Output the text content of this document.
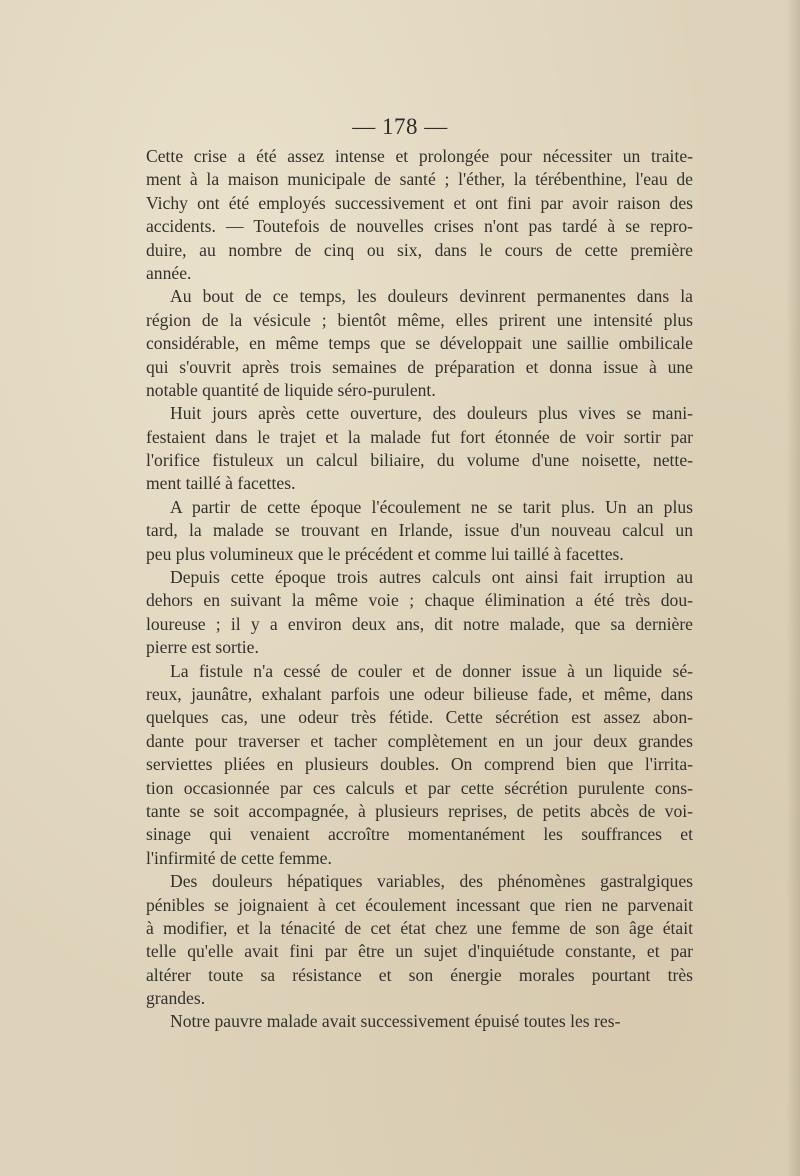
— 178 —
Cette crise a été assez intense et prolongée pour nécessiter un traite-
ment à la maison municipale de santé ; l'éther, la térébenthine, l'eau de
Vichy ont été employés successivement et ont fini par avoir raison des
accidents. — Toutefois de nouvelles crises n'ont pas tardé à se repro-
duire, au nombre de cinq ou six, dans le cours de cette première
année.
Au bout de ce temps, les douleurs devinrent permanentes dans la
région de la vésicule ; bientôt même, elles prirent une intensité plus
considérable, en même temps que se développait une saillie ombilicale
qui s'ouvrit après trois semaines de préparation et donna issue à une
notable quantité de liquide séro-purulent.
Huit jours après cette ouverture, des douleurs plus vives se mani-
festaient dans le trajet et la malade fut fort étonnée de voir sortir par
l'orifice fistuleux un calcul biliaire, du volume d'une noisette, nette-
ment taillé à facettes.
A partir de cette époque l'écoulement ne se tarit plus. Un an plus
tard, la malade se trouvant en Irlande, issue d'un nouveau calcul un
peu plus volumineux que le précédent et comme lui taillé à facettes.
Depuis cette époque trois autres calculs ont ainsi fait irruption au
dehors en suivant la même voie ; chaque élimination a été très dou-
loureuse ; il y a environ deux ans, dit notre malade, que sa dernière
pierre est sortie.
La fistule n'a cessé de couler et de donner issue à un liquide sé-
reux, jaunâtre, exhalant parfois une odeur bilieuse fade, et même, dans
quelques cas, une odeur très fétide. Cette sécrétion est assez abon-
dante pour traverser et tacher complètement en un jour deux grandes
serviettes pliées en plusieurs doubles. On comprend bien que l'irrita-
tion occasionnée par ces calculs et par cette sécrétion purulente cons-
tante se soit accompagnée, à plusieurs reprises, de petits abcès de voi-
sinage qui venaient accroître momentanément les souffrances et
l'infirmité de cette femme.
Des douleurs hépatiques variables, des phénomènes gastralgiques
pénibles se joignaient à cet écoulement incessant que rien ne parvenait
à modifier, et la ténacité de cet état chez une femme de son âge était
telle qu'elle avait fini par être un sujet d'inquiétude constante, et par
altérer toute sa résistance et son énergie morales pourtant très
grandes.
Notre pauvre malade avait successivement épuisé toutes les res-
